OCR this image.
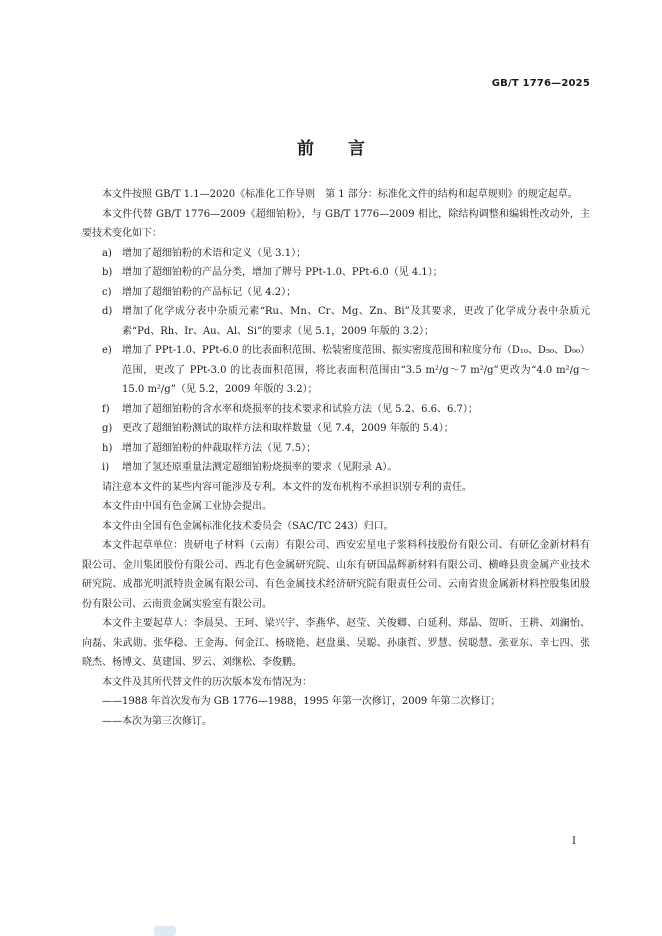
GB/T 1776—2025
前言

本文件按照 GB/T 1.1—2020《标准化工作导则　第 1 部分：标准化文件的结构和起草规则》的规定起草。

本文件代替 GB/T 1776—2009《超细铂粉》，与 GB/T 1776—2009 相比，除结构调整和编辑性改动外，主要技术变化如下：

a) 增加了超细铂粉的术语和定义（见 3.1）；

b) 增加了超细铂粉的产品分类，增加了牌号 PPt-1.0、PPt-6.0（见 4.1）；

c) 增加了超细铂粉的产品标记（见 4.2）；

d) 增加了化学成分表中杂质元素“Ru、Mn、Cr、Mg、Zn、Bi”及其要求，更改了化学成分表中杂质元素“Pd、Rh、Ir、Au、Al、Si”的要求（见 5.1，2009 年版的 3.2）；

e) 增加了 PPt-1.0、PPt-6.0 的比表面积范围、松装密度范围、振实密度范围和粒度分布（D₁₀、D₅₀、D₉₀）范围，更改了 PPt-3.0 的比表面积范围，将比表面积范围由“3.5 m²/g～7 m²/g”更改为“4.0 m²/g～15.0 m²/g”（见 5.2，2009 年版的 3.2）；

f) 增加了超细铂粉的含水率和烧损率的技术要求和试验方法（见 5.2、6.6、6.7）；

g) 更改了超细铂粉测试的取样方法和取样数量（见 7.4，2009 年版的 5.4）；

h) 增加了超细铂粉的仲裁取样方法（见 7.5）；

i) 增加了氢还原重量法测定超细铂粉烧损率的要求（见附录 A）。

请注意本文件的某些内容可能涉及专利。本文件的发布机构不承担识别专利的责任。

本文件由中国有色金属工业协会提出。

本文件由全国有色金属标准化技术委员会（SAC/TC 243）归口。

本文件起草单位：贵研电子材料（云南）有限公司、西安宏星电子浆料科技股份有限公司、有研亿金新材料有限公司、金川集团股份有限公司、西北有色金属研究院、山东有研国晶辉新材料有限公司、横峰县贵金属产业技术研究院、成都光明派特贵金属有限公司、有色金属技术经济研究院有限责任公司、云南省贵金属新材料控股集团股份有限公司、云南贵金属实验室有限公司。

本文件主要起草人：李晨昊、王珂、梁兴宇、李燕华、赵莹、关俊卿、白延利、郑晶、贺昕、王耕、刘澜怡、向磊、朱武勋、张华稳、王金海、何金江、杨晓艳、赵盘巢、吴聪、孙康哲、罗慧、侯聪慧、张亚东、幸七四、张晓杰、杨博文、莫建国、罗云、刘继松、李俊鹏。

本文件及其所代替文件的历次版本发布情况为：

——1988 年首次发布为 GB 1776—1988，1995 年第一次修订，2009 年第二次修订；

——本次为第三次修订。

I
